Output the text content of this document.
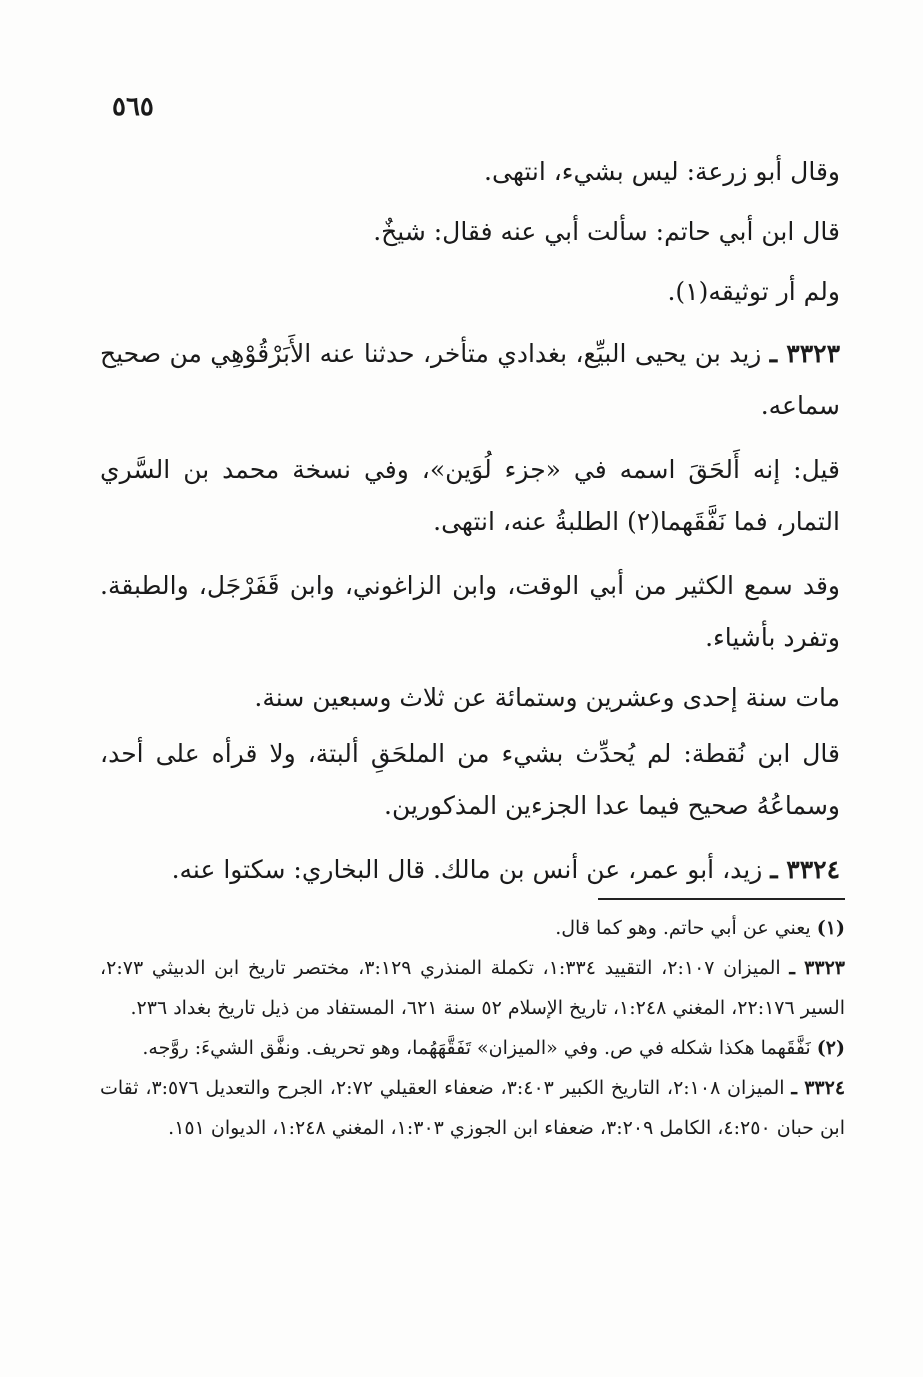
٥٦٥

وقال أبو زرعة: ليس بشيء، انتهى.

قال ابن أبي حاتم: سألت أبي عنه فقال: شيخٌ.

ولم أر توثيقه(١).

٣٣٢٣ ـ زيد بن يحيى البيِّع، بغدادي متأخر، حدثنا عنه الأَبَرْقُوْهِي من صحيح سماعه.

قيل: إنه أَلحَقَ اسمه في «جزء لُوَين»، وفي نسخة محمد بن السَّري التمار، فما نَفَّقَهما(٢) الطلبةُ عنه، انتهى.

وقد سمع الكثير من أبي الوقت، وابن الزاغوني، وابن قَفَرْجَل، والطبقة. وتفرد بأشياء.

مات سنة إحدى وعشرين وستمائة عن ثلاث وسبعين سنة.

قال ابن نُقطة: لم يُحدِّث بشيء من الملحَقِ ألبتة، ولا قرأه على أحد، وسماعُهُ صحيح فيما عدا الجزءين المذكورين.

٣٣٢٤ ـ زيد، أبو عمر، عن أنس بن مالك. قال البخاري: سكتوا عنه.

(١) يعني عن أبي حاتم. وهو كما قال.

٣٣٢٣ ـ الميزان ٢:١٠٧، التقييد ١:٣٣٤، تكملة المنذري ٣:١٢٩، مختصر تاريخ ابن الدبيثي ٢:٧٣، السير ٢٢:١٧٦، المغني ١:٢٤٨، تاريخ الإسلام ٥٢ سنة ٦٢١، المستفاد من ذيل تاريخ بغداد ٢٣٦.

(٢) نَفَّقَهما هكذا شكله في ص. وفي «الميزان» تَفَقَّهَهُما، وهو تحريف. ونفَّق الشيءَ: روَّجه.

٣٣٢٤ ـ الميزان ٢:١٠٨، التاريخ الكبير ٣:٤٠٣، ضعفاء العقيلي ٢:٧٢، الجرح والتعديل ٣:٥٧٦، ثقات ابن حبان ٤:٢٥٠، الكامل ٣:٢٠٩، ضعفاء ابن الجوزي ١:٣٠٣، المغني ١:٢٤٨، الديوان ١٥١.
